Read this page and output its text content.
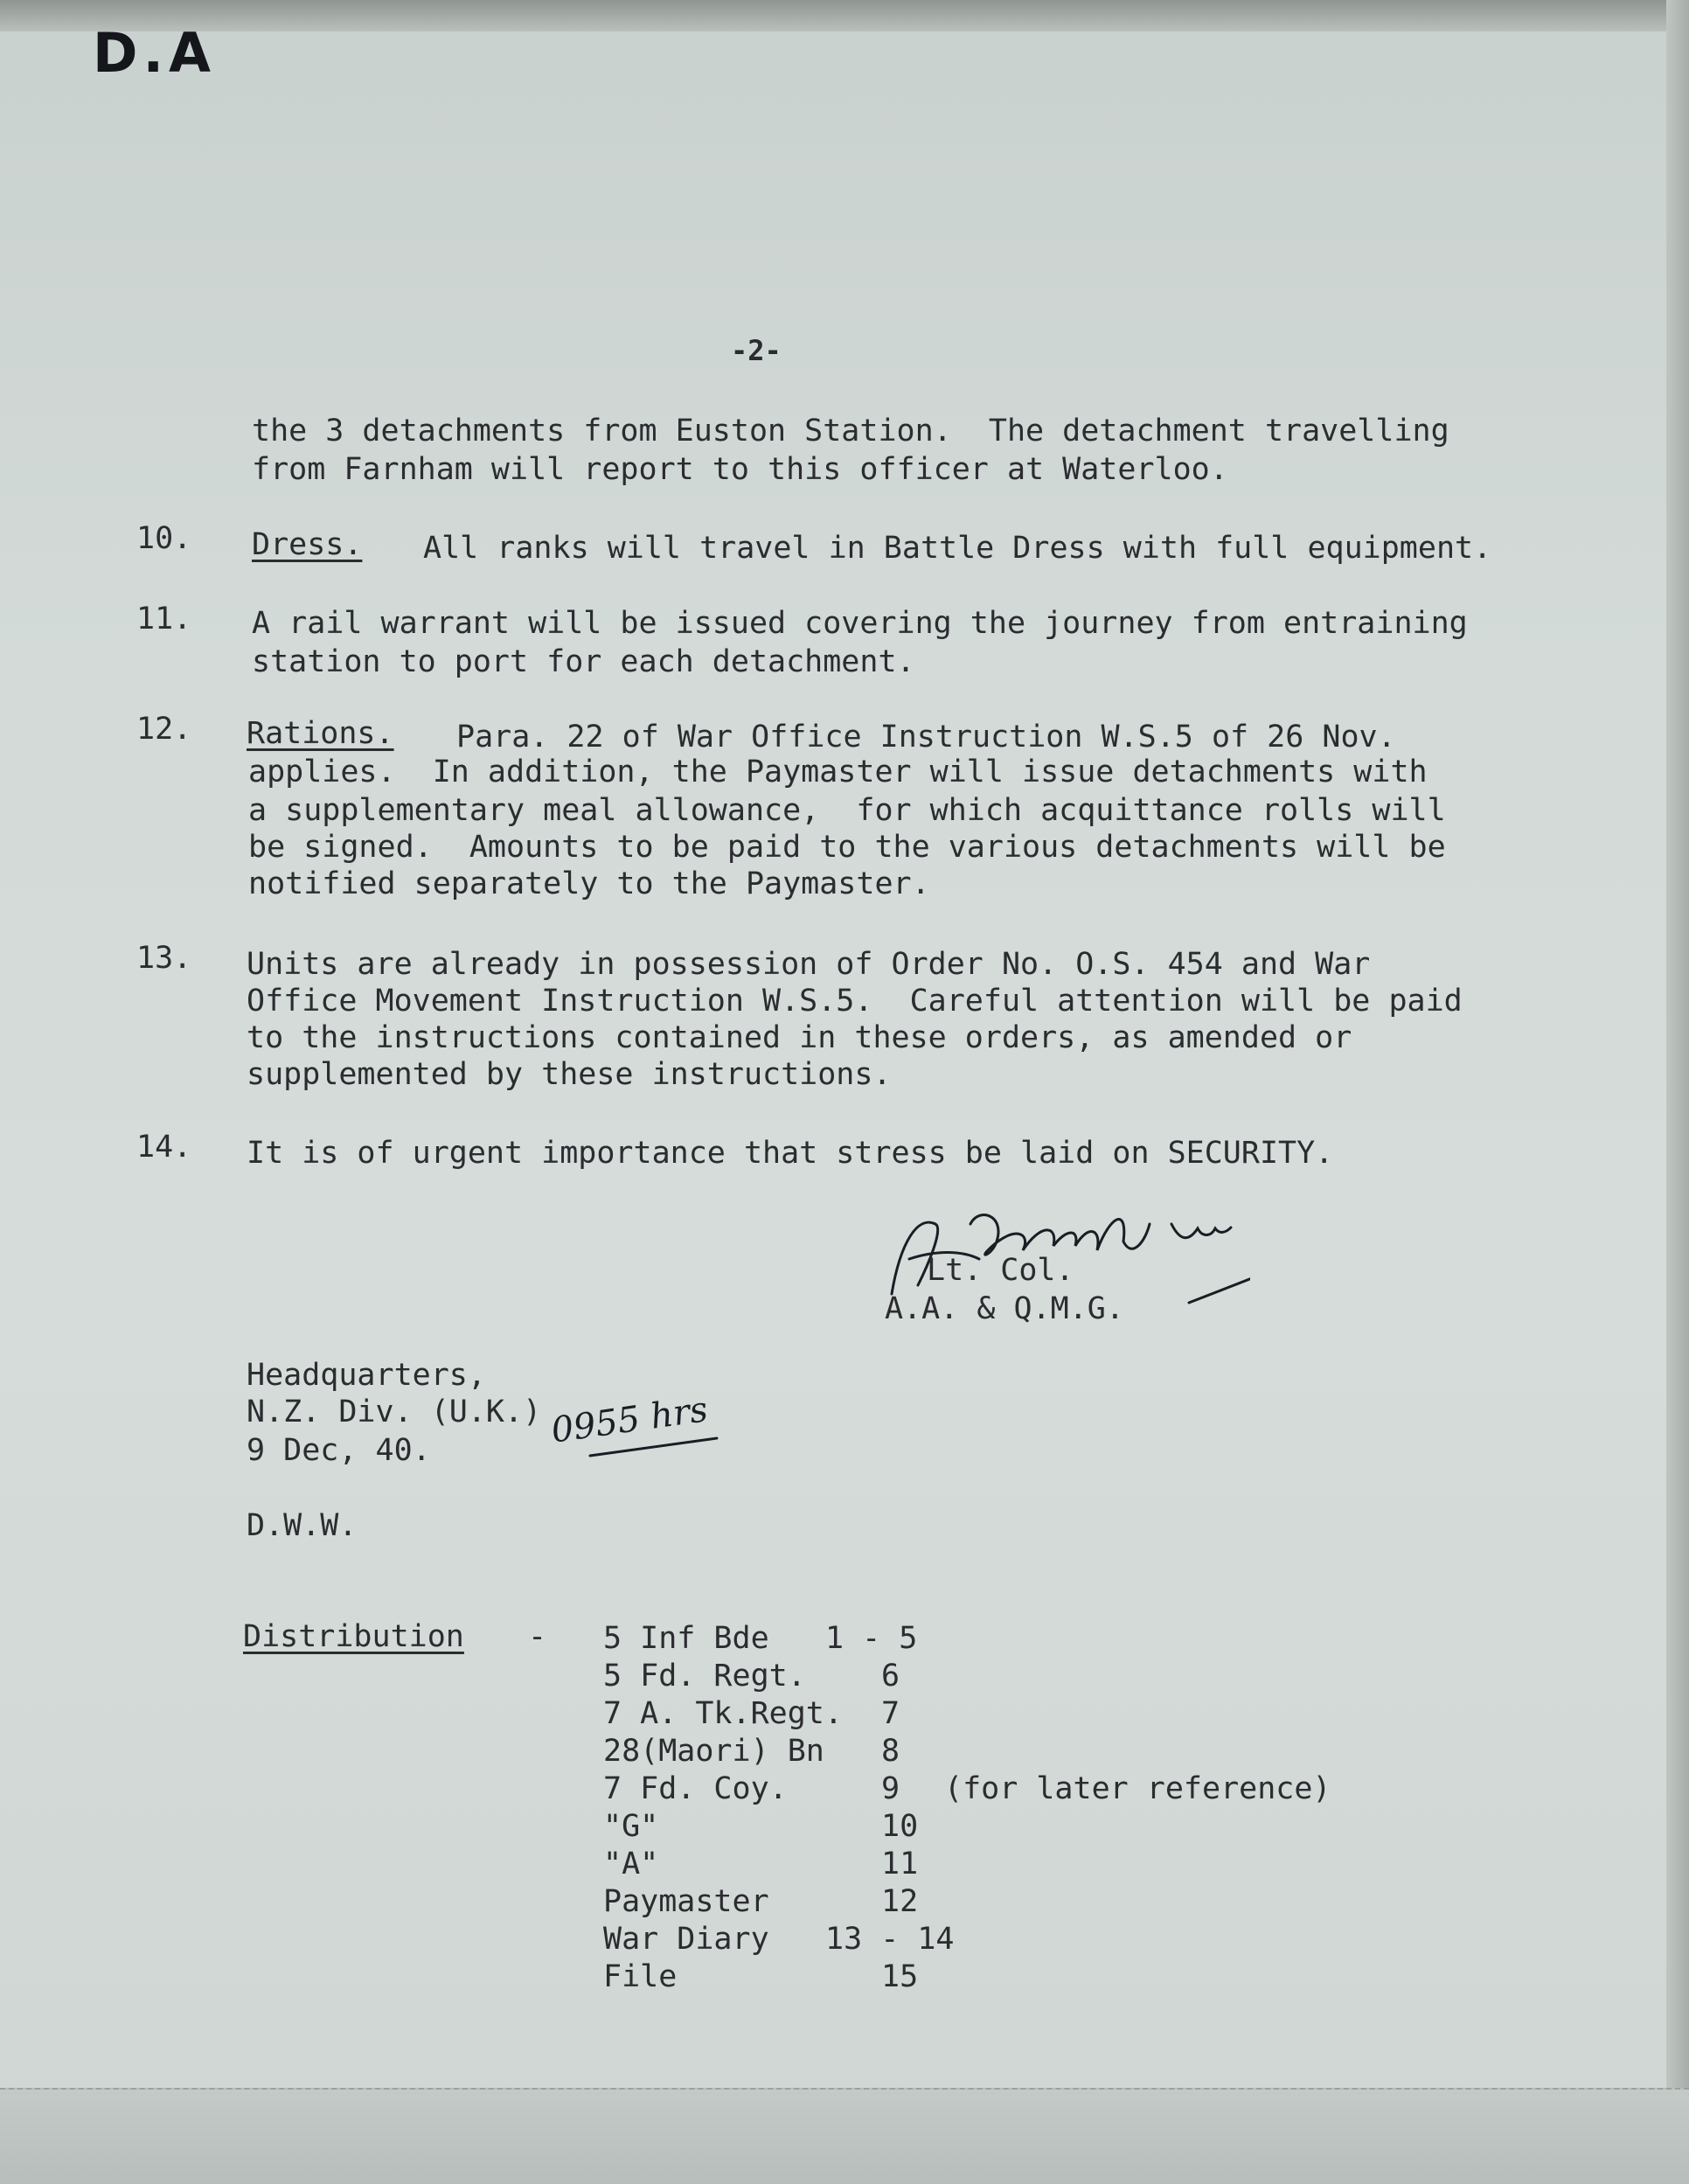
D.A
-2-
the 3 detachments from Euston Station.  The detachment travelling
from Farnham will report to this officer at Waterloo.
10. Dress. All ranks will travel in Battle Dress with full equipment.
11. A rail warrant will be issued covering the journey from entraining
station to port for each detachment.
12. Rations. Para. 22 of War Office Instruction W.S.5 of 26 Nov.
applies.  In addition, the Paymaster will issue detachments with
a supplementary meal allowance,  for which acquittance rolls will
be signed.  Amounts to be paid to the various detachments will be
notified separately to the Paymaster.
13. Units are already in possession of Order No. O.S. 454 and War
Office Movement Instruction W.S.5.  Careful attention will be paid
to the instructions contained in these orders, as amended or
supplemented by these instructions.
14. It is of urgent importance that stress be laid on SECURITY.
Lt. Col.
A.A. & Q.M.G.
Headquarters,
N.Z. Div. (U.K.)
9 Dec, 40.	0955 hrs
D.W.W.
Distribution - 5 Inf Bde 1 - 5
5 Fd. Regt. 6
7 A. Tk.Regt. 7
28(Maori) Bn 8
7 Fd. Coy.	9 (for later reference)
"G"	10
"A"	11
Paymaster	12
War Diary 13 - 14
File	15
